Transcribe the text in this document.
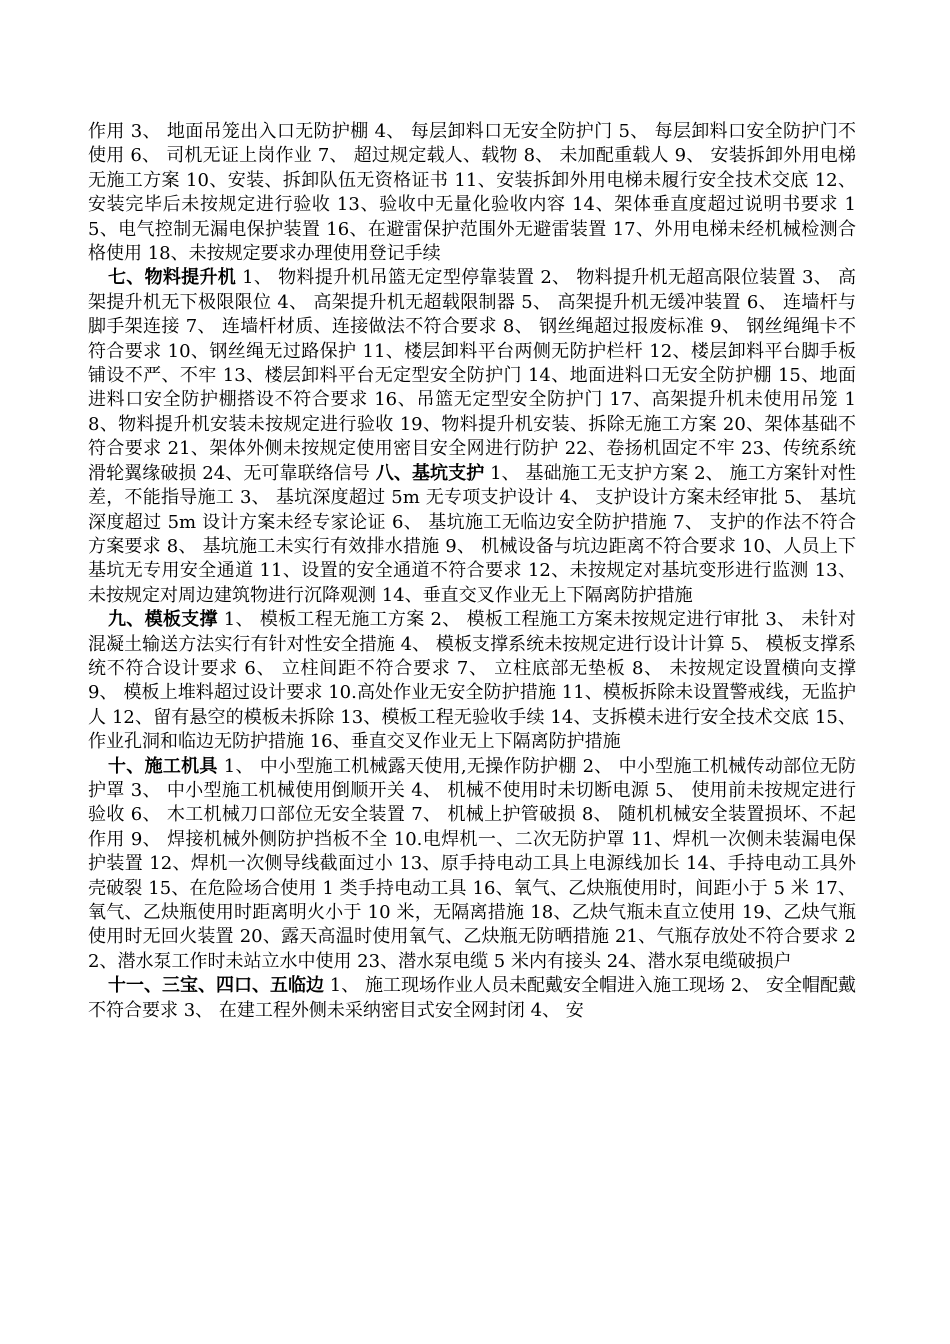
作用 3、 地面吊笼出入口无防护棚 4、 每层卸料口无安全防护门 5、 每层卸料口安全防护门不使用 6、 司机无证上岗作业 7、 超过规定载人、载物 8、 未加配重载人 9、 安装拆卸外用电梯无施工方案 10、安装、拆卸队伍无资格证书 11、安装拆卸外用电梯未履行安全技术交底 12、安装完毕后未按规定进行验收 13、验收中无量化验收内容 14、架体垂直度超过说明书要求 15、电气控制无漏电保护装置 16、在避雷保护范围外无避雷装置 17、外用电梯未经机械检测合格使用 18、未按规定要求办理使用登记手续

七、物料提升机 1、 物料提升机吊篮无定型停靠装置 2、 物料提升机无超高限位装置 3、 高架提升机无下极限限位 4、 高架提升机无超载限制器 5、 高架提升机无缓冲装置 6、 连墙杆与脚手架连接 7、 连墙杆材质、连接做法不符合要求 8、 钢丝绳超过报废标准 9、 钢丝绳绳卡不符合要求 10、钢丝绳无过路保护 11、楼层卸料平台两侧无防护栏杆 12、楼层卸料平台脚手板铺设不严、不牢 13、楼层卸料平台无定型安全防护门 14、地面进料口无安全防护棚 15、地面进料口安全防护棚搭设不符合要求 16、吊篮无定型安全防护门 17、高架提升机未使用吊笼 18、物料提升机安装未按规定进行验收 19、物料提升机安装、拆除无施工方案 20、架体基础不符合要求 21、架体外侧未按规定使用密目安全网进行防护 22、卷扬机固定不牢 23、传统系统滑轮翼缘破损 24、无可靠联络信号 八、基坑支护 1、 基础施工无支护方案 2、 施工方案针对性差，不能指导施工 3、 基坑深度超过 5m 无专项支护设计 4、 支护设计方案未经审批 5、 基坑深度超过 5m 设计方案未经专家论证 6、 基坑施工无临边安全防护措施 7、 支护的作法不符合方案要求 8、 基坑施工未实行有效排水措施 9、 机械设备与坑边距离不符合要求 10、人员上下基坑无专用安全通道 11、设置的安全通道不符合要求 12、未按规定对基坑变形进行监测 13、未按规定对周边建筑物进行沉降观测 14、垂直交叉作业无上下隔离防护措施

九、模板支撑 1、 模板工程无施工方案 2、 模板工程施工方案未按规定进行审批 3、 未针对混凝土输送方法实行有针对性安全措施 4、 模板支撑系统未按规定进行设计计算 5、 模板支撑系统不符合设计要求 6、 立柱间距不符合要求 7、 立柱底部无垫板 8、 未按规定设置横向支撑 9、 模板上堆料超过设计要求 10.高处作业无安全防护措施 11、模板拆除未设置警戒线，无监护人 12、留有悬空的模板未拆除 13、模板工程无验收手续 14、支拆模未进行安全技术交底 15、作业孔洞和临边无防护措施 16、垂直交叉作业无上下隔离防护措施

十、施工机具 1、 中小型施工机械露天使用,无操作防护棚 2、 中小型施工机械传动部位无防护罩 3、 中小型施工机械使用倒顺开关 4、 机械不使用时未切断电源 5、 使用前未按规定进行验收 6、 木工机械刀口部位无安全装置 7、 机械上护管破损 8、 随机机械安全装置损坏、不起作用 9、 焊接机械外侧防护挡板不全 10.电焊机一、二次无防护罩 11、焊机一次侧未装漏电保护装置 12、焊机一次侧导线截面过小 13、原手持电动工具上电源线加长 14、手持电动工具外壳破裂 15、在危险场合使用 1 类手持电动工具 16、氧气、乙炔瓶使用时，间距小于 5 米 17、氧气、乙炔瓶使用时距离明火小于 10 米，无隔离措施 18、乙炔气瓶未直立使用 19、乙炔气瓶使用时无回火装置 20、露天高温时使用氧气、乙炔瓶无防晒措施 21、气瓶存放处不符合要求 22、潜水泵工作时未站立水中使用 23、潜水泵电缆 5 米内有接头 24、潜水泵电缆破损户

十一、三宝、四口、五临边 1、 施工现场作业人员未配戴安全帽进入施工现场 2、 安全帽配戴不符合要求 3、 在建工程外侧未采纳密目式安全网封闭 4、 安
